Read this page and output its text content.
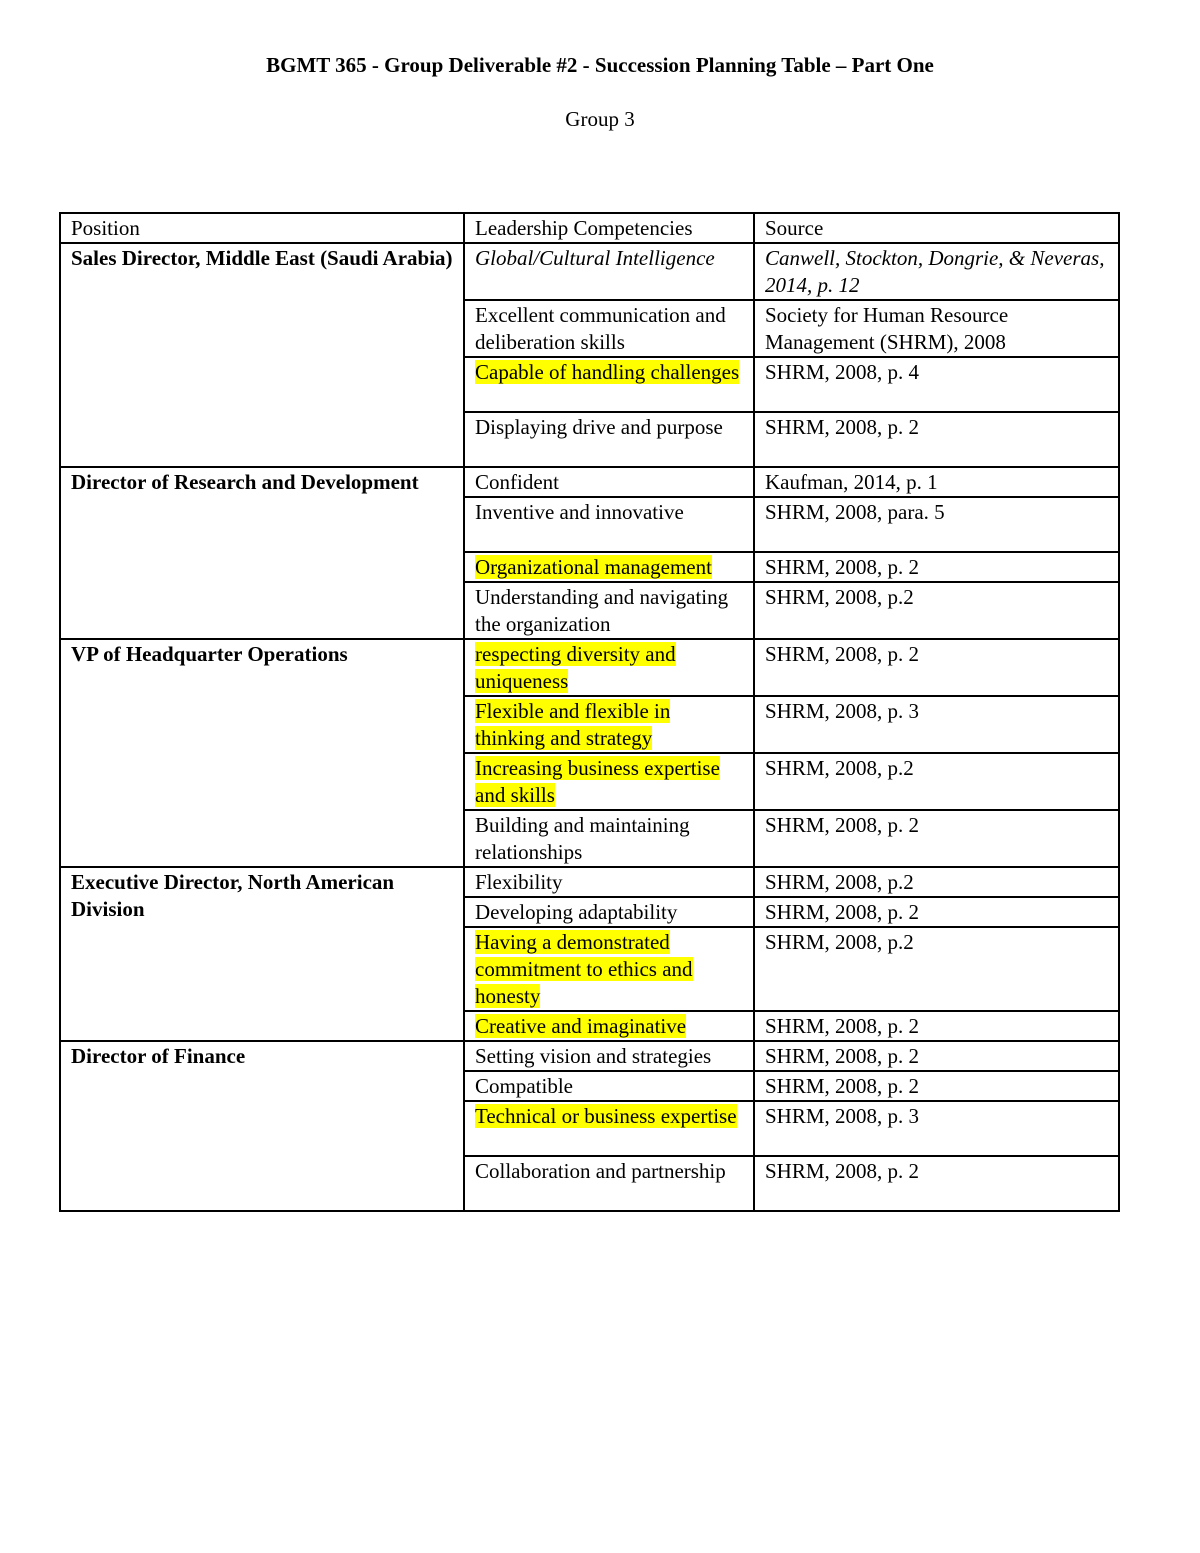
BGMT 365 - Group Deliverable #2 - Succession Planning Table – Part One
Group 3
Position	Leadership Competencies	Source
Sales Director, Middle East (Saudi Arabia)	Global/Cultural Intelligence	Canwell, Stockton, Dongrie, & Neveras, 2014, p. 12
	Excellent communication and deliberation skills	Society for Human Resource Management (SHRM), 2008
	Capable of handling challenges	SHRM, 2008, p. 4
	Displaying drive and purpose	SHRM, 2008, p. 2
Director of Research and Development	Confident	Kaufman, 2014, p. 1
	Inventive and innovative	SHRM, 2008, para. 5
	Organizational management	SHRM, 2008, p. 2
	Understanding and navigating the organization	SHRM, 2008, p.2
VP of Headquarter Operations	respecting diversity and uniqueness	SHRM, 2008, p. 2
	Flexible and flexible in thinking and strategy	SHRM, 2008, p. 3
	Increasing business expertise and skills	SHRM, 2008, p.2
	Building and maintaining relationships	SHRM, 2008, p. 2
Executive Director, North American Division	Flexibility	SHRM, 2008, p.2
	Developing adaptability	SHRM, 2008, p. 2
	Having a demonstrated commitment to ethics and honesty	SHRM, 2008, p.2
	Creative and imaginative	SHRM, 2008, p. 2
Director of Finance	Setting vision and strategies	SHRM, 2008, p. 2
	Compatible	SHRM, 2008, p. 2
	Technical or business expertise	SHRM, 2008, p. 3
	Collaboration and partnership	SHRM, 2008, p. 2
